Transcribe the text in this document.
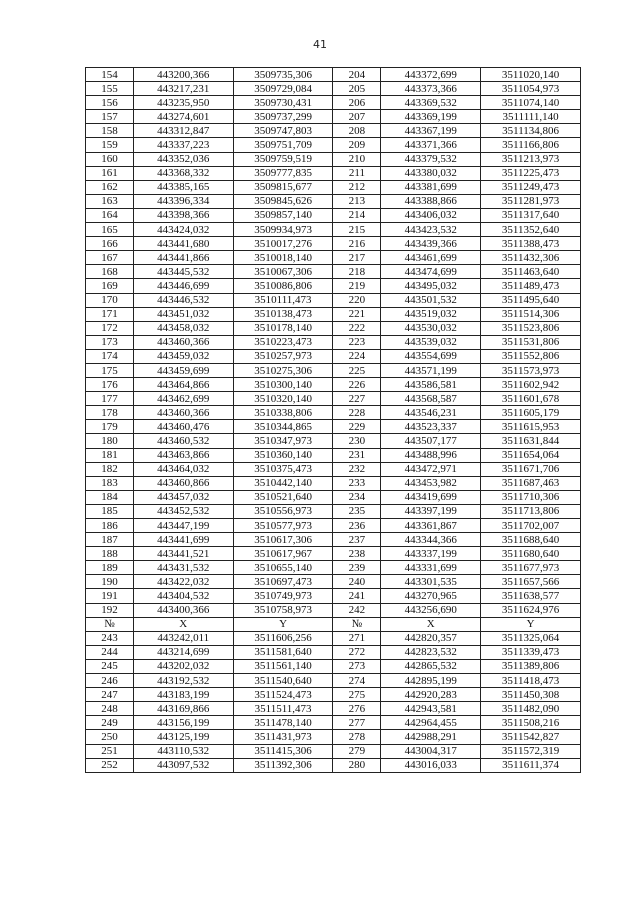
41
154	443200,366	3509735,306	204	443372,699	3511020,140
155	443217,231	3509729,084	205	443373,366	3511054,973
156	443235,950	3509730,431	206	443369,532	3511074,140
157	443274,601	3509737,299	207	443369,199	3511111,140
158	443312,847	3509747,803	208	443367,199	3511134,806
159	443337,223	3509751,709	209	443371,366	3511166,806
160	443352,036	3509759,519	210	443379,532	3511213,973
161	443368,332	3509777,835	211	443380,032	3511225,473
162	443385,165	3509815,677	212	443381,699	3511249,473
163	443396,334	3509845,626	213	443388,866	3511281,973
164	443398,366	3509857,140	214	443406,032	3511317,640
165	443424,032	3509934,973	215	443423,532	3511352,640
166	443441,680	3510017,276	216	443439,366	3511388,473
167	443441,866	3510018,140	217	443461,699	3511432,306
168	443445,532	3510067,306	218	443474,699	3511463,640
169	443446,699	3510086,806	219	443495,032	3511489,473
170	443446,532	3510111,473	220	443501,532	3511495,640
171	443451,032	3510138,473	221	443519,032	3511514,306
172	443458,032	3510178,140	222	443530,032	3511523,806
173	443460,366	3510223,473	223	443539,032	3511531,806
174	443459,032	3510257,973	224	443554,699	3511552,806
175	443459,699	3510275,306	225	443571,199	3511573,973
176	443464,866	3510300,140	226	443586,581	3511602,942
177	443462,699	3510320,140	227	443568,587	3511601,678
178	443460,366	3510338,806	228	443546,231	3511605,179
179	443460,476	3510344,865	229	443523,337	3511615,953
180	443460,532	3510347,973	230	443507,177	3511631,844
181	443463,866	3510360,140	231	443488,996	3511654,064
182	443464,032	3510375,473	232	443472,971	3511671,706
183	443460,866	3510442,140	233	443453,982	3511687,463
184	443457,032	3510521,640	234	443419,699	3511710,306
185	443452,532	3510556,973	235	443397,199	3511713,806
186	443447,199	3510577,973	236	443361,867	3511702,007
187	443441,699	3510617,306	237	443344,366	3511688,640
188	443441,521	3510617,967	238	443337,199	3511680,640
189	443431,532	3510655,140	239	443331,699	3511677,973
190	443422,032	3510697,473	240	443301,535	3511657,566
191	443404,532	3510749,973	241	443270,965	3511638,577
192	443400,366	3510758,973	242	443256,690	3511624,976
№	X	Y	№	X	Y
243	443242,011	3511606,256	271	442820,357	3511325,064
244	443214,699	3511581,640	272	442823,532	3511339,473
245	443202,032	3511561,140	273	442865,532	3511389,806
246	443192,532	3511540,640	274	442895,199	3511418,473
247	443183,199	3511524,473	275	442920,283	3511450,308
248	443169,866	3511511,473	276	442943,581	3511482,090
249	443156,199	3511478,140	277	442964,455	3511508,216
250	443125,199	3511431,973	278	442988,291	3511542,827
251	443110,532	3511415,306	279	443004,317	3511572,319
252	443097,532	3511392,306	280	443016,033	3511611,374
